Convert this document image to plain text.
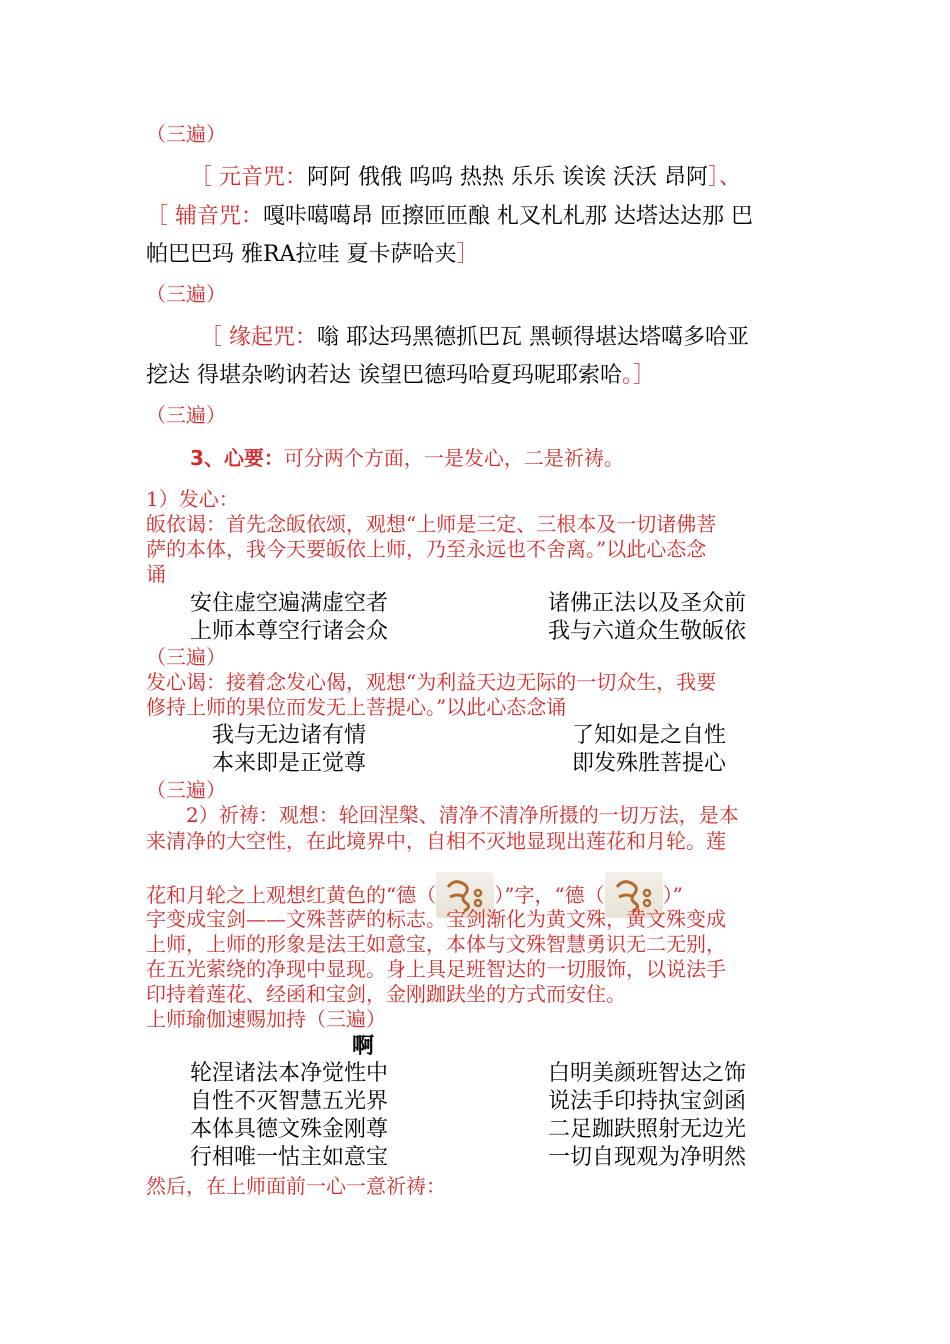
（三遍）
［ 元音咒：阿阿 俄俄 呜呜 热热 乐乐 诶诶 沃沃 昂阿］、
［ 辅音咒：嘎咔噶噶昂 匝擦匝匝酿 札叉札札那 达塔达达那 巴
帕巴巴玛 雅RA拉哇 夏卡萨哈夹］
（三遍）
［ 缘起咒：嗡 耶达玛黑德抓巴瓦 黑顿得堪达塔噶多哈亚
挖达 得堪杂哟讷若达 诶望巴德玛哈夏玛呢耶索哈。］
（三遍）
3、心要：可分两个方面，一是发心，二是祈祷。
1）发心：
皈依谒：首先念皈依颂，观想“上师是三定、三根本及一切诸佛菩
萨的本体，我今天要皈依上师，乃至永远也不舍离。”以此心态念
诵
安住虚空遍满虚空者	诸佛正法以及圣众前
上师本尊空行诸会众	我与六道众生敬皈依
（三遍）
发心谒：接着念发心偈，观想“为利益天边无际的一切众生，我要
修持上师的果位而发无上菩提心。”以此心态念诵
我与无边诸有情	了知如是之自性
本来即是正觉尊	即发殊胜菩提心
（三遍）
2）祈祷：观想：轮回涅槃、清净不清净所摄的一切万法，是本
来清净的大空性，在此境界中，自相不灭地显现出莲花和月轮。莲
花和月轮之上观想红黄色的“德（	）”字，“德（	）”
字变成宝剑——文殊菩萨的标志。宝剑渐化为黄文殊，黄文殊变成
上师，上师的形象是法王如意宝，本体与文殊智慧勇识无二无别，
在五光萦绕的净现中显现。身上具足班智达的一切服饰，以说法手
印持着莲花、经函和宝剑，金刚跏趺坐的方式而安住。
上师瑜伽速赐加持（三遍）
啊
轮涅诸法本净觉性中	白明美颜班智达之饰
自性不灭智慧五光界	说法手印持执宝剑函
本体具德文殊金刚尊	二足跏趺照射无边光
行相唯一怙主如意宝	一切自现观为净明然
然后，在上师面前一心一意祈祷：
